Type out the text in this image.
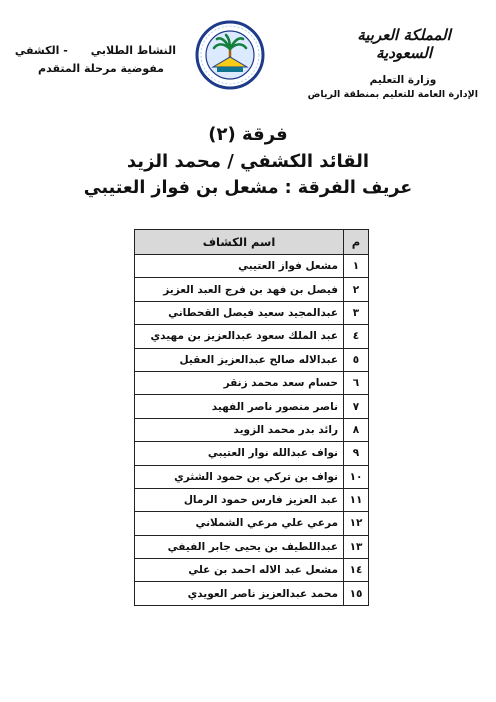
المملكة العربية السعودية
وزارة التعليم
الإدارة العامة للتعليم بمنطقة الرياض
النشاط الطلابي      - الكشفي
مفوضية مرحلة المتقدم
فرقة (٢)
القائد الكشفي / محمد الزيد
عريف الفرقة : مشعل بن فواز العتيبي
م	اسم الكشاف
١	مشعل فواز العتيبي
٢	فيصل بن فهد بن فرج العبد العزيز
٣	عبدالمجيد سعيد فيصل القحطاني
٤	عبد الملك سعود عبدالعزيز بن مهيدي
٥	عبدالاله صالح عبدالعزيز العقيل
٦	حسام سعد محمد زنقر
٧	ناصر منصور ناصر الفهيد
٨	رائد بدر محمد الزويد
٩	نواف عبدالله نوار العتيبي
١٠	نواف بن تركي بن حمود الشثري
١١	عبد العزيز فارس حمود الرمال
١٢	مرعي علي مرعي الشملاني
١٣	عبداللطيف بن يحيى جابر الفيفي
١٤	مشعل عبد الاله احمد بن علي
١٥	محمد عبدالعزيز ناصر العويدي
